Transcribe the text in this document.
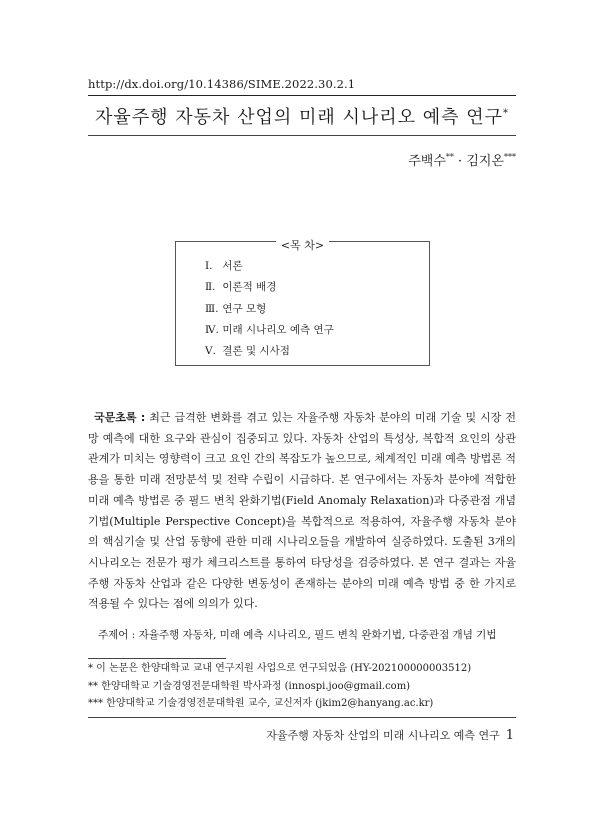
http://dx.doi.org/10.14386/SIME.2022.30.2.1
자율주행 자동차 산업의 미래 시나리오 예측 연구*
주백수** · 김지온***
<목 차>
Ⅰ. 서론
Ⅱ. 이론적 배경
Ⅲ. 연구 모형
Ⅳ. 미래 시나리오 예측 연구
Ⅴ. 결론 및 시사점

국문초록 : 최근 급격한 변화를 겪고 있는 자율주행 자동차 분야의 미래 기술 및 시장 전망 예측에 대한 요구와 관심이 집중되고 있다. 자동차 산업의 특성상, 복합적 요인의 상관관계가 미치는 영향력이 크고 요인 간의 복잡도가 높으므로, 체계적인 미래 예측 방법론 적용을 통한 미래 전망분석 및 전략 수립이 시급하다. 본 연구에서는 자동차 분야에 적합한 미래 예측 방법론 중 필드 변칙 완화기법(Field Anomaly Relaxation)과 다중관점 개념 기법(Multiple Perspective Concept)을 복합적으로 적용하여, 자율주행 자동차 분야의 핵심기술 및 산업 동향에 관한 미래 시나리오들을 개발하여 실증하였다. 도출된 3개의 시나리오는 전문가 평가 체크리스트를 통하여 타당성을 검증하였다. 본 연구 결과는 자율주행 자동차 산업과 같은 다양한 변동성이 존재하는 분야의 미래 예측 방법 중 한 가지로 적용될 수 있다는 점에 의의가 있다.

주제어 : 자율주행 자동차, 미래 예측 시나리오, 필드 변칙 완화기법, 다중관점 개념 기법
* 이 논문은 한양대학교 교내 연구지원 사업으로 연구되었음 (HY-202100000003512)
** 한양대학교 기술경영전문대학원 박사과정 (innospi.joo@gmail.com)
*** 한양대학교 기술경영전문대학원 교수, 교신저자 (jkim2@hanyang.ac.kr)
자율주행 자동차 산업의 미래 시나리오 예측 연구 1
